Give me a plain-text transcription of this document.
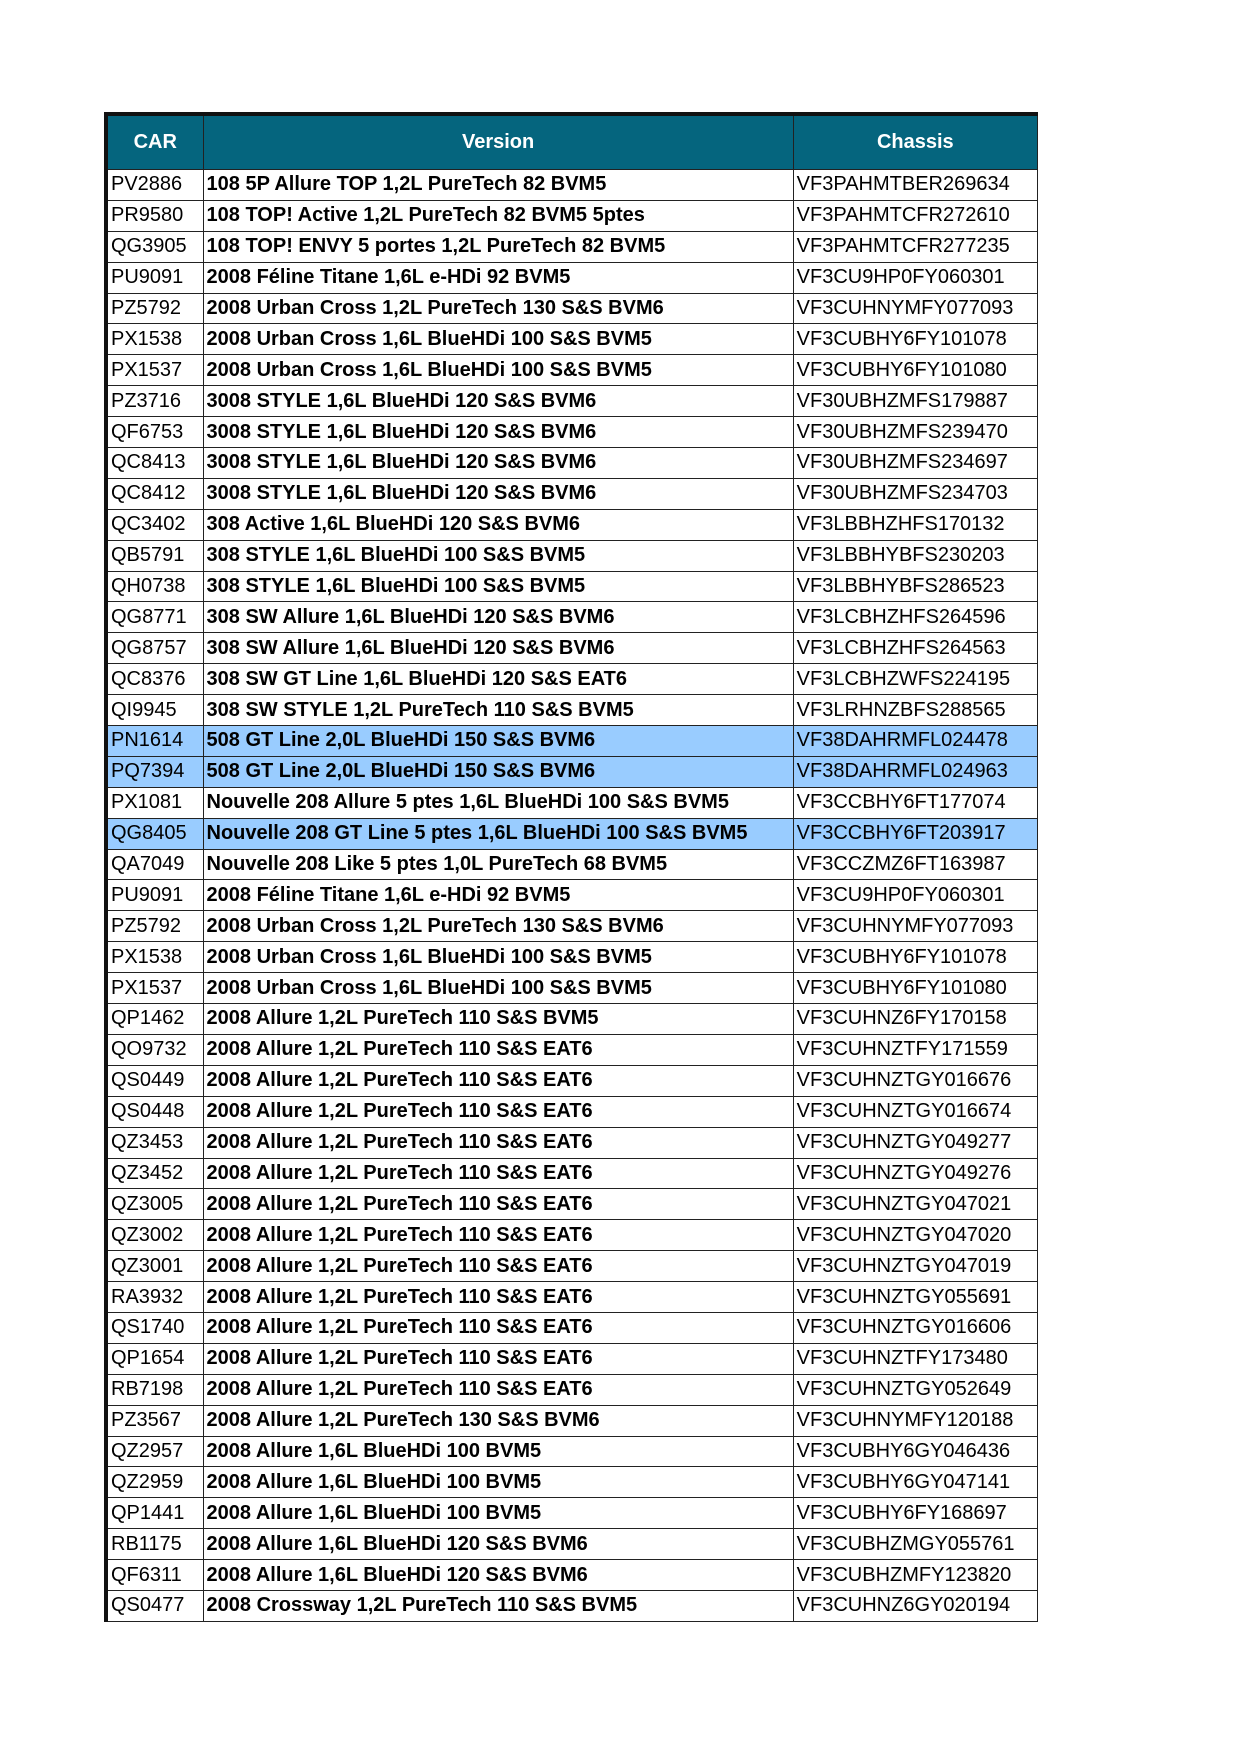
CAR	Version	Chassis
PV2886	108 5P Allure TOP 1,2L PureTech 82 BVM5	VF3PAHMTBER269634
PR9580	108 TOP! Active 1,2L PureTech 82 BVM5 5ptes	VF3PAHMTCFR272610
QG3905	108 TOP! ENVY 5 portes 1,2L PureTech 82 BVM5	VF3PAHMTCFR277235
PU9091	2008 Féline Titane 1,6L e-HDi 92 BVM5	VF3CU9HP0FY060301
PZ5792	2008 Urban Cross 1,2L PureTech 130 S&S BVM6	VF3CUHNYMFY077093
PX1538	2008 Urban Cross 1,6L BlueHDi 100 S&S BVM5	VF3CUBHY6FY101078
PX1537	2008 Urban Cross 1,6L BlueHDi 100 S&S BVM5	VF3CUBHY6FY101080
PZ3716	3008 STYLE 1,6L BlueHDi 120 S&S BVM6	VF30UBHZMFS179887
QF6753	3008 STYLE 1,6L BlueHDi 120 S&S BVM6	VF30UBHZMFS239470
QC8413	3008 STYLE 1,6L BlueHDi 120 S&S BVM6	VF30UBHZMFS234697
QC8412	3008 STYLE 1,6L BlueHDi 120 S&S BVM6	VF30UBHZMFS234703
QC3402	308 Active 1,6L BlueHDi 120 S&S BVM6	VF3LBBHZHFS170132
QB5791	308 STYLE 1,6L BlueHDi 100 S&S BVM5	VF3LBBHYBFS230203
QH0738	308 STYLE 1,6L BlueHDi 100 S&S BVM5	VF3LBBHYBFS286523
QG8771	308 SW Allure 1,6L BlueHDi 120 S&S BVM6	VF3LCBHZHFS264596
QG8757	308 SW Allure 1,6L BlueHDi 120 S&S BVM6	VF3LCBHZHFS264563
QC8376	308 SW GT Line 1,6L BlueHDi 120 S&S EAT6	VF3LCBHZWFS224195
QI9945	308 SW STYLE 1,2L PureTech 110 S&S BVM5	VF3LRHNZBFS288565
PN1614	508 GT Line 2,0L BlueHDi 150 S&S BVM6	VF38DAHRMFL024478
PQ7394	508 GT Line 2,0L BlueHDi 150 S&S BVM6	VF38DAHRMFL024963
PX1081	Nouvelle 208 Allure 5 ptes 1,6L BlueHDi 100 S&S BVM5	VF3CCBHY6FT177074
QG8405	Nouvelle 208 GT Line 5 ptes 1,6L BlueHDi 100 S&S BVM5	VF3CCBHY6FT203917
QA7049	Nouvelle 208 Like 5 ptes 1,0L PureTech 68 BVM5	VF3CCZMZ6FT163987
PU9091	2008 Féline Titane 1,6L e-HDi 92 BVM5	VF3CU9HP0FY060301
PZ5792	2008 Urban Cross 1,2L PureTech 130 S&S BVM6	VF3CUHNYMFY077093
PX1538	2008 Urban Cross 1,6L BlueHDi 100 S&S BVM5	VF3CUBHY6FY101078
PX1537	2008 Urban Cross 1,6L BlueHDi 100 S&S BVM5	VF3CUBHY6FY101080
QP1462	2008 Allure 1,2L PureTech 110 S&S BVM5	VF3CUHNZ6FY170158
QO9732	2008 Allure 1,2L PureTech 110 S&S EAT6	VF3CUHNZTFY171559
QS0449	2008 Allure 1,2L PureTech 110 S&S EAT6	VF3CUHNZTGY016676
QS0448	2008 Allure 1,2L PureTech 110 S&S EAT6	VF3CUHNZTGY016674
QZ3453	2008 Allure 1,2L PureTech 110 S&S EAT6	VF3CUHNZTGY049277
QZ3452	2008 Allure 1,2L PureTech 110 S&S EAT6	VF3CUHNZTGY049276
QZ3005	2008 Allure 1,2L PureTech 110 S&S EAT6	VF3CUHNZTGY047021
QZ3002	2008 Allure 1,2L PureTech 110 S&S EAT6	VF3CUHNZTGY047020
QZ3001	2008 Allure 1,2L PureTech 110 S&S EAT6	VF3CUHNZTGY047019
RA3932	2008 Allure 1,2L PureTech 110 S&S EAT6	VF3CUHNZTGY055691
QS1740	2008 Allure 1,2L PureTech 110 S&S EAT6	VF3CUHNZTGY016606
QP1654	2008 Allure 1,2L PureTech 110 S&S EAT6	VF3CUHNZTFY173480
RB7198	2008 Allure 1,2L PureTech 110 S&S EAT6	VF3CUHNZTGY052649
PZ3567	2008 Allure 1,2L PureTech 130 S&S BVM6	VF3CUHNYMFY120188
QZ2957	2008 Allure 1,6L BlueHDi 100 BVM5	VF3CUBHY6GY046436
QZ2959	2008 Allure 1,6L BlueHDi 100 BVM5	VF3CUBHY6GY047141
QP1441	2008 Allure 1,6L BlueHDi 100 BVM5	VF3CUBHY6FY168697
RB1175	2008 Allure 1,6L BlueHDi 120 S&S BVM6	VF3CUBHZMGY055761
QF6311	2008 Allure 1,6L BlueHDi 120 S&S BVM6	VF3CUBHZMFY123820
QS0477	2008 Crossway 1,2L PureTech 110 S&S BVM5	VF3CUHNZ6GY020194
